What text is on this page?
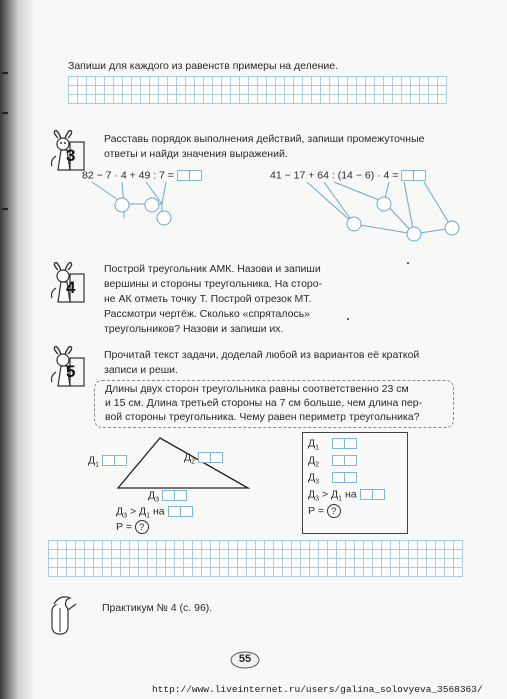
Запиши для каждого из равенств примеры на деление.
3
Расставь порядок выполнения действий, запиши промежуточные
ответы и найди значения выражений.
82 − 7 · 4 + 49 : 7 =	41 − 17 + 64 : (14 − 6) · 4 =
4
Построй треугольник АМК. Назови и запиши
вершины и стороны треугольника. На сторо-
не АК отметь точку Т. Построй отрезок МТ.
Рассмотри чертёж. Сколько «спряталось»
треугольников? Назови и запиши их.
5
Прочитай текст задачи, доделай любой из вариантов её краткой
записи и реши.
Длины двух сторон треугольника равны соответственно 23 см
и 15 см. Длина третьей стороны на 7 см больше, чем длина пер-
вой стороны треугольника. Чему равен периметр треугольника?
$Д_1$
$Д_2$
$Д_3$
$Д_3 > Д_1$ на
P = ?
$Д_1$
$Д_2$
$Д_3$
$Д_3 > Д_1$ на
P = ?
Практикум № 4 (с. 96).
55
http://www.liveinternet.ru/users/galina_solovyeva_3568363/
